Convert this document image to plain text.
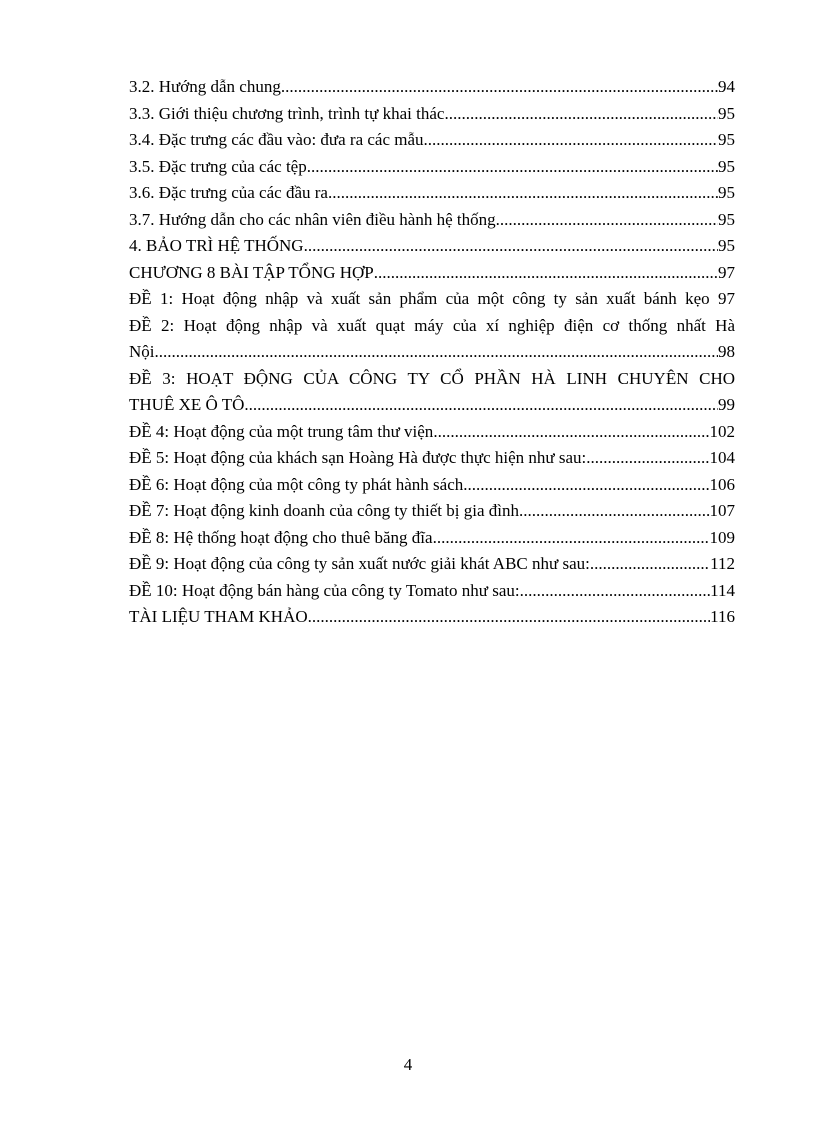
3.2. Hướng dẫn chung .....	94
3.3. Giới thiệu chương trình, trình tự khai thác .....	95
3.4. Đặc trưng các đầu vào: đưa ra các mẫu .....	95
3.5. Đặc trưng của các tệp .....	95
3.6. Đặc trưng của các đầu ra .....	95
3.7. Hướng dẫn cho các nhân viên điều hành hệ thống .....	95
4. BẢO TRÌ HỆ THỐNG .....	95
CHƯƠNG 8 BÀI TẬP TỔNG HỢP .....	97
ĐỀ 1: Hoạt động nhập và xuất sản phẩm của một công ty sản xuất bánh kẹo 97
ĐỀ 2: Hoạt động nhập và xuất quạt máy của xí nghiệp điện cơ thống nhất Hà
Nội .....	98
ĐỀ 3: HOẠT ĐỘNG CỦA CÔNG TY CỔ PHẦN HÀ LINH CHUYÊN CHO
THUÊ XE Ô TÔ .....	99
ĐỀ 4: Hoạt động của một trung tâm thư viện .....	102
ĐỀ 5: Hoạt động của khách sạn Hoàng Hà được thực hiện như sau: .....	104
ĐỀ 6: Hoạt động của một công ty phát hành sách .....	106
ĐỀ 7: Hoạt động kinh doanh của công ty thiết bị gia đình .....	107
ĐỀ 8: Hệ thống hoạt động cho thuê băng đĩa .....	109
ĐỀ 9: Hoạt động của công ty sản xuất nước giải khát ABC như sau: .....	112
ĐỀ 10: Hoạt động bán hàng của công ty Tomato như sau: .....	114
TÀI LIỆU THAM KHẢO .....	116
4
